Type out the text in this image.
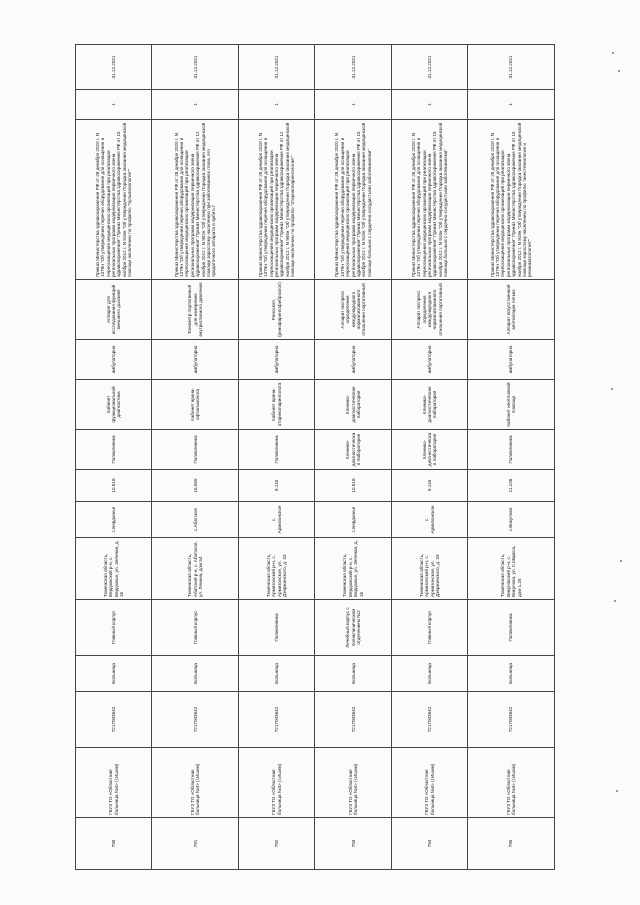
790	ГБУЗ ТО «Областная больница №4» (г.Ишим)	7217003642	Больница	Главный корпус	Тюменская область, Бердюжский р-н, с. Бердюжье, ул. Зеленая, д. 16	с.Бердюжье	10.618	Поликлиника	Кабинет функциональной диагностики	амбулаторно	Аппарат для исследования функций внешнего дыхания	Приказ Министерства здравоохранения РФ от 28 декабря 2020 г. N 1379н "Об утверждении перечня оборудования для оснащения и переоснащения медицинских организаций при реализации региональных программ модернизации первичного звена здравоохранения" Приказ Министерства здравоохранения РФ от 15 ноября 2012 г. N 916н "Об утверждении Порядка оказания медицинской помощи населению по профилю "пульмонология""	1	31.12.2021
791	ГБУЗ ТО «Областная больница №4» (г.Ишим)	7217003642	Больница	Главный корпус	Тюменская область, Абатский р-н, с. Абатское, ул. Ленина, дом 54	с.Абатское	16.555	Поликлиника	Кабинет врача-офтальмолога	амбулаторно	Тонометр портативный для измерения внутриглазного давления	Приказ Министерства здравоохранения РФ от 28 декабря 2020 г. N 1379н "Об утверждении перечня оборудования для оснащения и переоснащения медицинских организаций при реализации региональных программ модернизации первичного звена здравоохранения" Приказ Министерства здравоохранения РФ от 12 ноября 2012 г. N 902н "Об утверждении Порядка оказания медицинской помощи взрослому населению при заболеваниях глаза, его придаточного аппарата и орбиты"	1	31.12.2021
792	ГБУЗ ТО «Областная больница №4» (г.Ишим)	7217003642	Больница	Поликлиника	Тюменская область, Армизонский р-н, с. Армизонское, ул. Дзержинского, д. 33	с. Армизонское	9.118	Поликлиника	Кабинет врача-оториноларинголога	амбулаторно	Риноскоп, (ринофарингофиброскоп)	Приказ Министерства здравоохранения РФ от 28 декабря 2020 г. N 1379н "Об утверждении перечня оборудования для оснащения и переоснащения медицинских организаций при реализации региональных программ модернизации первичного звена здравоохранения" Приказ Министерства здравоохранения РФ от 12 ноября 2012 г. N 905н "Об утверждении Порядка оказания медицинской помощи населению по профилю "оториноларингология""	1	31.12.2021
793	ГБУЗ ТО «Областная больница №4» (г.Ишим)	7217003642	Больница	Лечебный корпус с поликлиническим отделением №2	Тюменская область, Бердюжский р-н, с. Бердюжье, ул. Зеленая, д. 16	с.Бердюжье	10.618	Клинико-диагностическая лаборатория	Клинико-диагностическая лаборатория	амбулаторно	Аппарат экспресс определения международного нормализованного отношения портативный	Приказ Министерства здравоохранения РФ от 28 декабря 2020 г. N 1379н "Об утверждении перечня оборудования для оснащения и переоснащения медицинских организаций при реализации региональных программ модернизации первичного звена здравоохранения" Приказ Министерства здравоохранения РФ от 15 ноября 2012 г. N 918н "Об утверждении Порядка оказания медицинской помощи больным с сердечно-сосудистыми заболеваниями"	1	31.12.2021
794	ГБУЗ ТО «Областная больница №4» (г.Ишим)	7217003642	Больница	Главный корпус	Тюменская область, Армизонский р-н, с. Армизонское, ул. Дзержинского, д. 33	с. Армизонское	9.118	Клинико-диагностическая лаборатория	Клинико-диагностическая лаборатория	амбулаторно	Аппарат экспресс определения международного нормализованного отношения портативный	Приказ Министерства здравоохранения РФ от 28 декабря 2020 г. N 1379н "Об утверждении перечня оборудования для оснащения и переоснащения медицинских организаций при реализации региональных программ модернизации первичного звена здравоохранения" Приказ Министерства здравоохранения РФ от 15 ноября 2012 г. N 918н "Об утверждении Порядка оказания медицинской помощи больным с сердечно-сосудистыми заболеваниями"	1	31.12.2021
795	ГБУЗ ТО «Областная больница №4» (г.Ишим)	7217003642	Больница	Поликлиника	Тюменская область, Викуловский р-н, с. Викулово, ул. К.Маркса, дом 1,25	с.Викулово	11.108	Поликлиника	Кабинет неотложной помощи	амбулаторно	Аппарат искусственной вентиляции легких	Приказ Министерства здравоохранения РФ от 28 декабря 2020 г. N 1379н "Об утверждении перечня оборудования для оснащения и переоснащения медицинских организаций при реализации региональных программ модернизации первичного звена здравоохранения" Приказ Министерства здравоохранения РФ от 15 ноября 2012 г. N 919н "Об утверждении Порядка оказания медицинской помощи взрослому населению по профилю "анестезиология и реаниматология""	1	31.12.2021
